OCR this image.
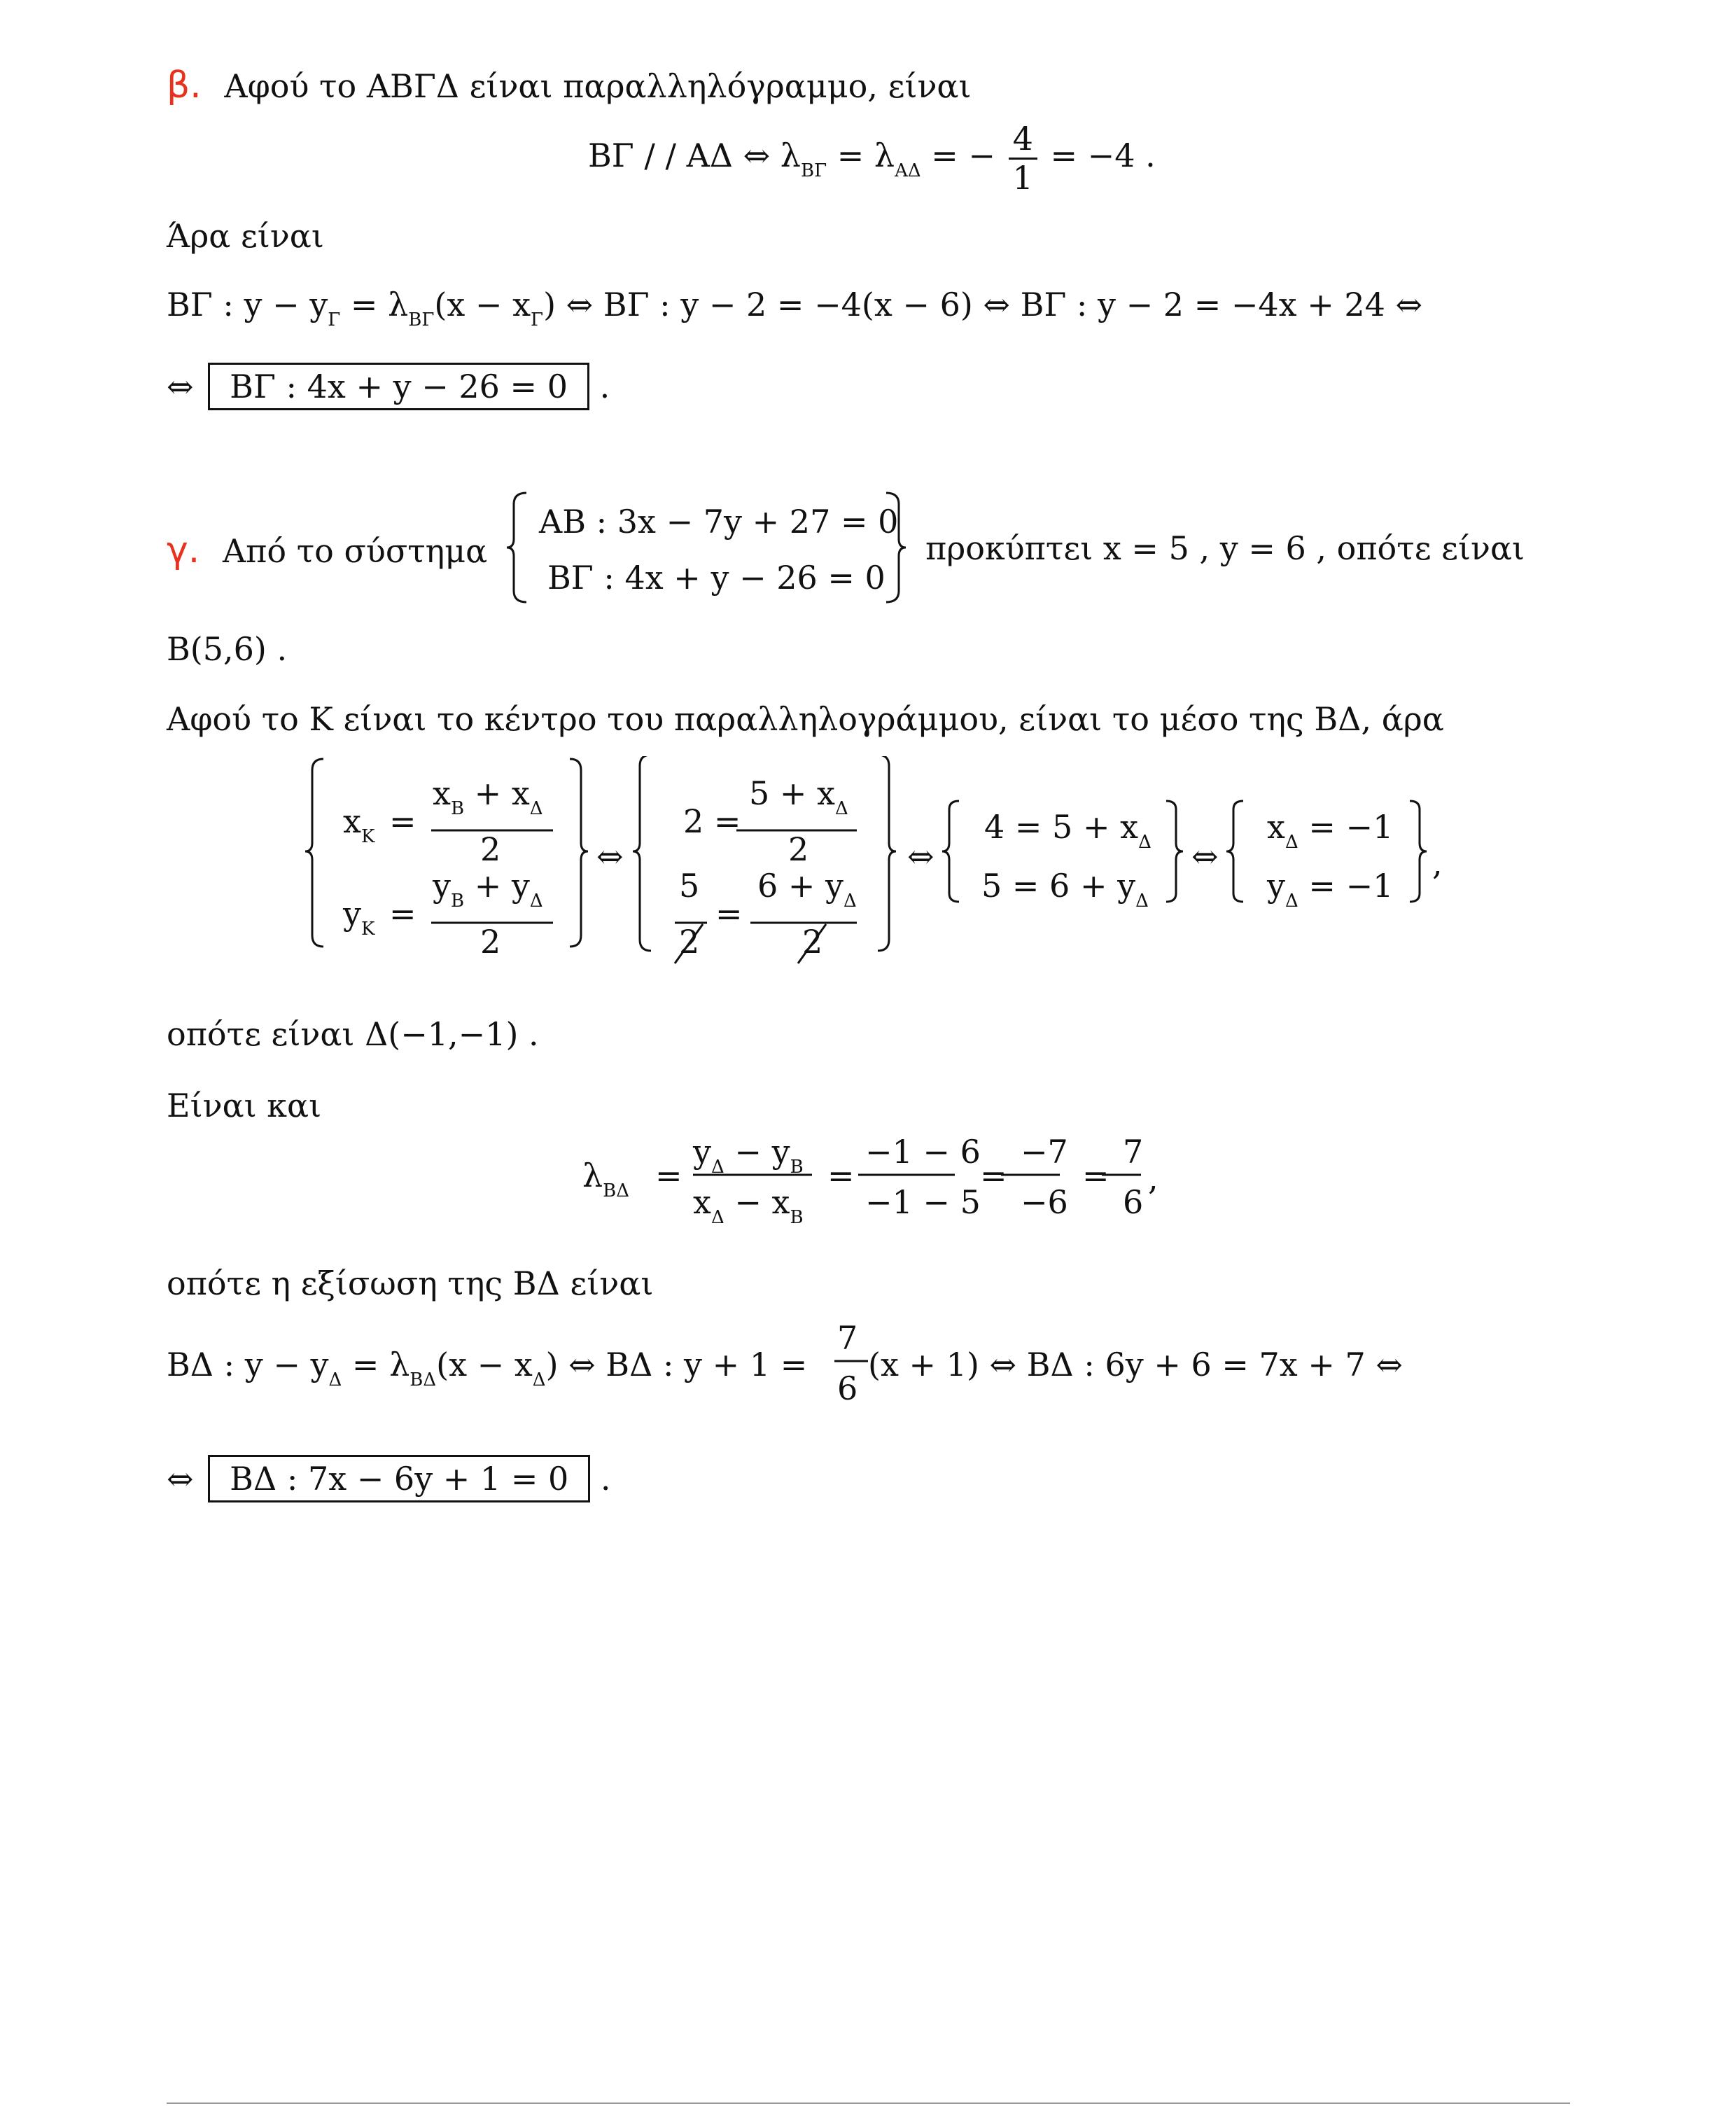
β. Αφού το ΑΒΓΔ είναι παραλληλόγραμμο, είναι
ΒΓ / / ΑΔ ⇔ $\lambda_{B\Gamma} = \lambda_{A\Delta}$ = − $\frac{4}{1} = -4$ .
Άρα είναι
ΒΓ : $y - y_\Gamma = \lambda_{B\Gamma}(x - x_\Gamma)$ ⇔ ΒΓ : y − 2 = −4(x − 6) ⇔ ΒΓ : y − 2 = −4x + 24 ⇔
⇔ ΒΓ : 4x + y − 26 = 0 .
γ. Από το σύστημα
ΑΒ : 3x − 7y + 27 = 0
ΒΓ : 4x + y − 26 = 0
προκύπτει x = 5 , y = 6 , οπότε είναι
Β(5,6) .
Αφού το Κ είναι το κέντρο του παραλληλογράμμου, είναι το μέσο της ΒΔ, άρα
$x_K$ =
$x_B + x_\Delta$
2
$y_K$ =
$y_B + y_\Delta$
2
⇔
2 =
$5 + x_\Delta$
2
5
2
=
$6 + y_\Delta$
2
⇔
$4 = 5 + x_\Delta$
$5 = 6 + y_\Delta$
⇔
$x_\Delta = -1$
$y_\Delta = -1$
,
οπότε είναι Δ(−1,−1) .
Είναι και
$\lambda_{B\Delta}$ =
$y_\Delta - y_B$
$x_\Delta - x_B$
=
−1 − 6
−1 − 5
=
−7
−6
=
7
6
,
οπότε η εξίσωση της ΒΔ είναι
ΒΔ : $y - y_\Delta = \lambda_{B\Delta}(x - x_\Delta)$ ⇔ ΒΔ : y + 1 =
7
6
(x + 1) ⇔ ΒΔ : 6y + 6 = 7x + 7 ⇔
⇔ ΒΔ : 7x − 6y + 1 = 0 .
